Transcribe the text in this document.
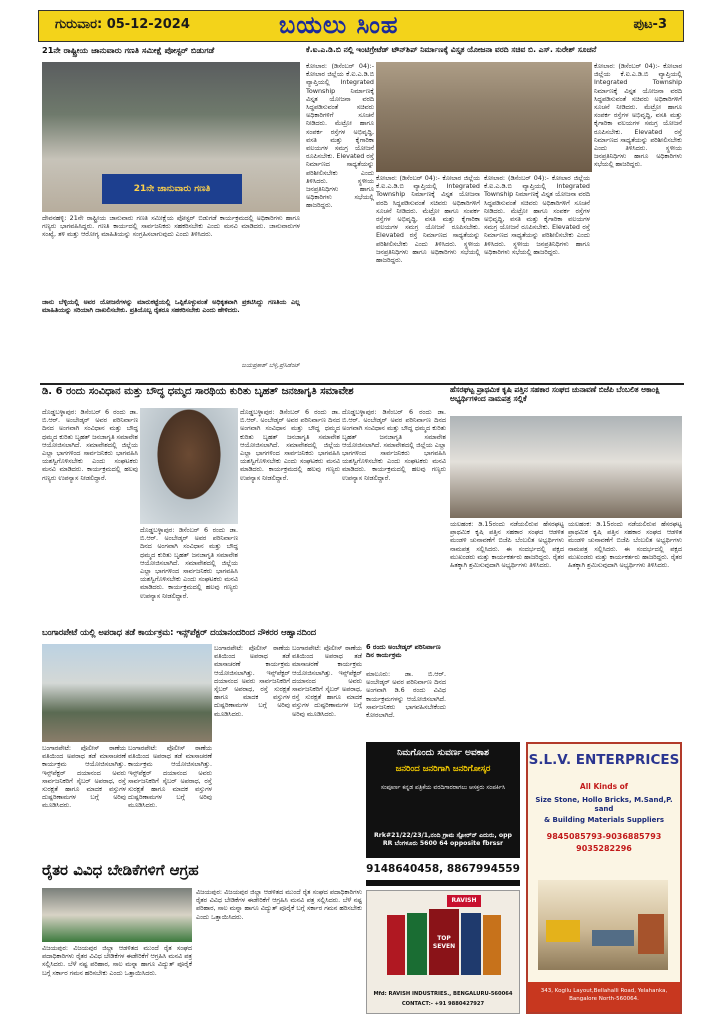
ಗುರುವಾರ: 05-12-2024	ಬಯಲು ಸಿಂಹ	ಪುಟ-3
21ನೇ ರಾಷ್ಟ್ರೀಯ ಜಾನುವಾರು ಗಣತಿ ಸಮೀಕ್ಷೆ ಪೋಸ್ಟರ್ ಬಿಡುಗಡೆ
21ನೇ ಜಾನುವಾರು ಗಣತಿ
ದೇವನಹಳ್ಳಿ: 21ನೇ ರಾಷ್ಟ್ರೀಯ ಜಾನುವಾರು ಗಣತಿ ಸಮೀಕ್ಷೆಯ ಪೋಸ್ಟರ್ ಬಿಡುಗಡೆ ಕಾರ್ಯಕ್ರಮದಲ್ಲಿ ಅಧಿಕಾರಿಗಳು ಹಾಗೂ ಗಣ್ಯರು ಭಾಗವಹಿಸಿದ್ದರು. ಗಣತಿ ಕಾರ್ಯದಲ್ಲಿ ಸಾರ್ವಜನಿಕರು ಸಹಕರಿಸಬೇಕು ಎಂದು ಮನವಿ ಮಾಡಿದರು. ಜಾನುವಾರುಗಳ ಸಂಖ್ಯೆ, ತಳಿ ಮತ್ತು ಆರೋಗ್ಯ ಮಾಹಿತಿಯನ್ನು ಸಂಗ್ರಹಿಸಲಾಗುವುದು ಎಂದು ತಿಳಿಸಿದರು.
ಜಾನು ಬೆಳ್ಳಿಯಲ್ಲಿ ಅವರ ಯೋಜನೆಗಳನ್ನು ಮಾರುಕಟ್ಟೆಯಲ್ಲಿ ಒಪ್ಪಿಕೊಳ್ಳುವಂತೆ ಅಧಿಕೃತವಾಗಿ ಪ್ರಕಟಿಸಿದ್ದು ಗಣತಿಯ ಎಲ್ಲ ಮಾಹಿತಿಯನ್ನು ಸರಿಯಾಗಿ ದಾಖಲಿಸಬೇಕು. ಪ್ರತಿಯೊಬ್ಬ ರೈತರೂ ಸಹಕರಿಸಬೇಕು ಎಂದು ಹೇಳಿದರು.
ಜಯಪ್ರಕಾಶ್ ಬೆಳ್ಳಿ,ಪ್ರೆಸಿಡೆಂಟ್
ಕೆ.ಐ.ಎ.ಡಿ.ಬಿ ನಲ್ಲಿ ಇಂಟಿಗ್ರೇಟೆಡ್ ಟೌನ್‌ಶಿಪ್ ನಿರ್ಮಾಣಕ್ಕೆ ವಿಸ್ತೃತ ಯೋಜನಾ ವರದಿ ಸಚಿವ ಬಿ. ಎಸ್. ಸುರೇಶ್ ಸೂಚನೆ
ಕೋಲಾರ: (ಡಿಸೆಂಬರ್ 04):- ಕೋಲಾರ ಜಿಲ್ಲೆಯ ಕೆ.ಐ.ಎ.ಡಿ.ಬಿ ವ್ಯಾಪ್ತಿಯಲ್ಲಿ Integrated Township ನಿರ್ಮಾಣಕ್ಕೆ ವಿಸ್ತೃತ ಯೋಜನಾ ವರದಿ ಸಿದ್ಧಪಡಿಸುವಂತೆ ಸಚಿವರು ಅಧಿಕಾರಿಗಳಿಗೆ ಸೂಚನೆ ನೀಡಿದರು. ಮೆಟ್ರೋ ಹಾಗೂ ಸಂಪರ್ಕ ರಸ್ತೆಗಳ ಅಭಿವೃದ್ಧಿ, ವಸತಿ ಮತ್ತು ಕೈಗಾರಿಕಾ ವಲಯಗಳ ಸಮಗ್ರ ಯೋಜನೆ ರೂಪಿಸಬೇಕು. Elevated ರಸ್ತೆ ನಿರ್ಮಾಣದ ಸಾಧ್ಯತೆಯನ್ನು ಪರಿಶೀಲಿಸಬೇಕು ಎಂದು ತಿಳಿಸಿದರು. ಸ್ಥಳೀಯ ಜನಪ್ರತಿನಿಧಿಗಳು ಹಾಗೂ ಅಧಿಕಾರಿಗಳು ಸಭೆಯಲ್ಲಿ ಹಾಜರಿದ್ದರು.
ಕೋಲಾರ: (ಡಿಸೆಂಬರ್ 04):- ಕೋಲಾರ ಜಿಲ್ಲೆಯ ಕೆ.ಐ.ಎ.ಡಿ.ಬಿ ವ್ಯಾಪ್ತಿಯಲ್ಲಿ Integrated Township ನಿರ್ಮಾಣಕ್ಕೆ ವಿಸ್ತೃತ ಯೋಜನಾ ವರದಿ ಸಿದ್ಧಪಡಿಸುವಂತೆ ಸಚಿವರು ಅಧಿಕಾರಿಗಳಿಗೆ ಸೂಚನೆ ನೀಡಿದರು. ಮೆಟ್ರೋ ಹಾಗೂ ಸಂಪರ್ಕ ರಸ್ತೆಗಳ ಅಭಿವೃದ್ಧಿ, ವಸತಿ ಮತ್ತು ಕೈಗಾರಿಕಾ ವಲಯಗಳ ಸಮಗ್ರ ಯೋಜನೆ ರೂಪಿಸಬೇಕು. Elevated ರಸ್ತೆ ನಿರ್ಮಾಣದ ಸಾಧ್ಯತೆಯನ್ನು ಪರಿಶೀಲಿಸಬೇಕು ಎಂದು ತಿಳಿಸಿದರು. ಸ್ಥಳೀಯ ಜನಪ್ರತಿನಿಧಿಗಳು ಹಾಗೂ ಅಧಿಕಾರಿಗಳು ಸಭೆಯಲ್ಲಿ ಹಾಜರಿದ್ದರು.
ಕೋಲಾರ: (ಡಿಸೆಂಬರ್ 04):- ಕೋಲಾರ ಜಿಲ್ಲೆಯ ಕೆ.ಐ.ಎ.ಡಿ.ಬಿ ವ್ಯಾಪ್ತಿಯಲ್ಲಿ Integrated Township ನಿರ್ಮಾಣಕ್ಕೆ ವಿಸ್ತೃತ ಯೋಜನಾ ವರದಿ ಸಿದ್ಧಪಡಿಸುವಂತೆ ಸಚಿವರು ಅಧಿಕಾರಿಗಳಿಗೆ ಸೂಚನೆ ನೀಡಿದರು. ಮೆಟ್ರೋ ಹಾಗೂ ಸಂಪರ್ಕ ರಸ್ತೆಗಳ ಅಭಿವೃದ್ಧಿ, ವಸತಿ ಮತ್ತು ಕೈಗಾರಿಕಾ ವಲಯಗಳ ಸಮಗ್ರ ಯೋಜನೆ ರೂಪಿಸಬೇಕು. Elevated ರಸ್ತೆ ನಿರ್ಮಾಣದ ಸಾಧ್ಯತೆಯನ್ನು ಪರಿಶೀಲಿಸಬೇಕು ಎಂದು ತಿಳಿಸಿದರು. ಸ್ಥಳೀಯ ಜನಪ್ರತಿನಿಧಿಗಳು ಹಾಗೂ ಅಧಿಕಾರಿಗಳು ಸಭೆಯಲ್ಲಿ ಹಾಜರಿದ್ದರು.
ಕೋಲಾರ: (ಡಿಸೆಂಬರ್ 04):- ಕೋಲಾರ ಜಿಲ್ಲೆಯ ಕೆ.ಐ.ಎ.ಡಿ.ಬಿ ವ್ಯಾಪ್ತಿಯಲ್ಲಿ Integrated Township ನಿರ್ಮಾಣಕ್ಕೆ ವಿಸ್ತೃತ ಯೋಜನಾ ವರದಿ ಸಿದ್ಧಪಡಿಸುವಂತೆ ಸಚಿವರು ಅಧಿಕಾರಿಗಳಿಗೆ ಸೂಚನೆ ನೀಡಿದರು. ಮೆಟ್ರೋ ಹಾಗೂ ಸಂಪರ್ಕ ರಸ್ತೆಗಳ ಅಭಿವೃದ್ಧಿ, ವಸತಿ ಮತ್ತು ಕೈಗಾರಿಕಾ ವಲಯಗಳ ಸಮಗ್ರ ಯೋಜನೆ ರೂಪಿಸಬೇಕು. Elevated ರಸ್ತೆ ನಿರ್ಮಾಣದ ಸಾಧ್ಯತೆಯನ್ನು ಪರಿಶೀಲಿಸಬೇಕು ಎಂದು ತಿಳಿಸಿದರು. ಸ್ಥಳೀಯ ಜನಪ್ರತಿನಿಧಿಗಳು ಹಾಗೂ ಅಧಿಕಾರಿಗಳು ಸಭೆಯಲ್ಲಿ ಹಾಜರಿದ್ದರು.
ಡಿ. 6 ರಂದು ಸಂವಿಧಾನ ಮತ್ತು ಬೌದ್ಧ ಧಮ್ಮದ ಸಾರಥಿಯ ಕುರಿತು ಬೃಹತ್ ಜನಜಾಗೃತಿ ಸಮಾವೇಶ
ದೊಡ್ಡಬಳ್ಳಾಪುರ: ಡಿಸೆಂಬರ್ 6 ರಂದು ಡಾ. ಬಿ.ಆರ್. ಅಂಬೇಡ್ಕರ್ ಅವರ ಪರಿನಿರ್ವಾಣ ದಿನದ ಅಂಗವಾಗಿ ಸಂವಿಧಾನ ಮತ್ತು ಬೌದ್ಧ ಧಮ್ಮದ ಕುರಿತು ಬೃಹತ್ ಜನಜಾಗೃತಿ ಸಮಾವೇಶ ಆಯೋಜಿಸಲಾಗಿದೆ. ಸಮಾವೇಶದಲ್ಲಿ ಜಿಲ್ಲೆಯ ಎಲ್ಲಾ ಭಾಗಗಳಿಂದ ಸಾರ್ವಜನಿಕರು ಭಾಗವಹಿಸಿ ಯಶಸ್ವಿಗೊಳಿಸಬೇಕು ಎಂದು ಸಂಘಟಕರು ಮನವಿ ಮಾಡಿದರು. ಕಾರ್ಯಕ್ರಮದಲ್ಲಿ ಹಲವು ಗಣ್ಯರು ಉಪನ್ಯಾಸ ನೀಡಲಿದ್ದಾರೆ.
ದೊಡ್ಡಬಳ್ಳಾಪುರ: ಡಿಸೆಂಬರ್ 6 ರಂದು ಡಾ. ಬಿ.ಆರ್. ಅಂಬೇಡ್ಕರ್ ಅವರ ಪರಿನಿರ್ವಾಣ ದಿನದ ಅಂಗವಾಗಿ ಸಂವಿಧಾನ ಮತ್ತು ಬೌದ್ಧ ಧಮ್ಮದ ಕುರಿತು ಬೃಹತ್ ಜನಜಾಗೃತಿ ಸಮಾವೇಶ ಆಯೋಜಿಸಲಾಗಿದೆ. ಸಮಾವೇಶದಲ್ಲಿ ಜಿಲ್ಲೆಯ ಎಲ್ಲಾ ಭಾಗಗಳಿಂದ ಸಾರ್ವಜನಿಕರು ಭಾಗವಹಿಸಿ ಯಶಸ್ವಿಗೊಳಿಸಬೇಕು ಎಂದು ಸಂಘಟಕರು ಮನವಿ ಮಾಡಿದರು. ಕಾರ್ಯಕ್ರಮದಲ್ಲಿ ಹಲವು ಗಣ್ಯರು ಉಪನ್ಯಾಸ ನೀಡಲಿದ್ದಾರೆ.
ದೊಡ್ಡಬಳ್ಳಾಪುರ: ಡಿಸೆಂಬರ್ 6 ರಂದು ಡಾ. ಬಿ.ಆರ್. ಅಂಬೇಡ್ಕರ್ ಅವರ ಪರಿನಿರ್ವಾಣ ದಿನದ ಅಂಗವಾಗಿ ಸಂವಿಧಾನ ಮತ್ತು ಬೌದ್ಧ ಧಮ್ಮದ ಕುರಿತು ಬೃಹತ್ ಜನಜಾಗೃತಿ ಸಮಾವೇಶ ಆಯೋಜಿಸಲಾಗಿದೆ. ಸಮಾವೇಶದಲ್ಲಿ ಜಿಲ್ಲೆಯ ಎಲ್ಲಾ ಭಾಗಗಳಿಂದ ಸಾರ್ವಜನಿಕರು ಭಾಗವಹಿಸಿ ಯಶಸ್ವಿಗೊಳಿಸಬೇಕು ಎಂದು ಸಂಘಟಕರು ಮನವಿ ಮಾಡಿದರು. ಕಾರ್ಯಕ್ರಮದಲ್ಲಿ ಹಲವು ಗಣ್ಯರು ಉಪನ್ಯಾಸ ನೀಡಲಿದ್ದಾರೆ.
ದೊಡ್ಡಬಳ್ಳಾಪುರ: ಡಿಸೆಂಬರ್ 6 ರಂದು ಡಾ. ಬಿ.ಆರ್. ಅಂಬೇಡ್ಕರ್ ಅವರ ಪರಿನಿರ್ವಾಣ ದಿನದ ಅಂಗವಾಗಿ ಸಂವಿಧಾನ ಮತ್ತು ಬೌದ್ಧ ಧಮ್ಮದ ಕುರಿತು ಬೃಹತ್ ಜನಜಾಗೃತಿ ಸಮಾವೇಶ ಆಯೋಜಿಸಲಾಗಿದೆ. ಸಮಾವೇಶದಲ್ಲಿ ಜಿಲ್ಲೆಯ ಎಲ್ಲಾ ಭಾಗಗಳಿಂದ ಸಾರ್ವಜನಿಕರು ಭಾಗವಹಿಸಿ ಯಶಸ್ವಿಗೊಳಿಸಬೇಕು ಎಂದು ಸಂಘಟಕರು ಮನವಿ ಮಾಡಿದರು. ಕಾರ್ಯಕ್ರಮದಲ್ಲಿ ಹಲವು ಗಣ್ಯರು ಉಪನ್ಯಾಸ ನೀಡಲಿದ್ದಾರೆ.
ಹೆಸರಘಟ್ಟ ಪ್ರಾಥಮಿಕ ಕೃಷಿ ಪತ್ತಿನ ಸಹಕಾರ ಸಂಘದ ಚುನಾವಣೆ ಬಿಜೆಪಿ ಬೆಂಬಲಿತ ಆಕಾಂಕ್ಷಿ ಅಭ್ಯರ್ಥಿಗಳಿಂದ ನಾಮಪತ್ರ ಸಲ್ಲಿಕೆ
ಯಲಹಂಕ: ಡಿ.15ರಂದು ನಡೆಯಲಿರುವ ಹೆಸರಘಟ್ಟ ಪ್ರಾಥಮಿಕ ಕೃಷಿ ಪತ್ತಿನ ಸಹಕಾರ ಸಂಘದ ಆಡಳಿತ ಮಂಡಳಿ ಚುನಾವಣೆಗೆ ಬಿಜೆಪಿ ಬೆಂಬಲಿತ ಅಭ್ಯರ್ಥಿಗಳು ನಾಮಪತ್ರ ಸಲ್ಲಿಸಿದರು. ಈ ಸಂದರ್ಭದಲ್ಲಿ ಪಕ್ಷದ ಮುಖಂಡರು ಮತ್ತು ಕಾರ್ಯಕರ್ತರು ಹಾಜರಿದ್ದರು. ರೈತರ ಹಿತಕ್ಕಾಗಿ ಶ್ರಮಿಸುವುದಾಗಿ ಅಭ್ಯರ್ಥಿಗಳು ತಿಳಿಸಿದರು.
ಯಲಹಂಕ: ಡಿ.15ರಂದು ನಡೆಯಲಿರುವ ಹೆಸರಘಟ್ಟ ಪ್ರಾಥಮಿಕ ಕೃಷಿ ಪತ್ತಿನ ಸಹಕಾರ ಸಂಘದ ಆಡಳಿತ ಮಂಡಳಿ ಚುನಾವಣೆಗೆ ಬಿಜೆಪಿ ಬೆಂಬಲಿತ ಅಭ್ಯರ್ಥಿಗಳು ನಾಮಪತ್ರ ಸಲ್ಲಿಸಿದರು. ಈ ಸಂದರ್ಭದಲ್ಲಿ ಪಕ್ಷದ ಮುಖಂಡರು ಮತ್ತು ಕಾರ್ಯಕರ್ತರು ಹಾಜರಿದ್ದರು. ರೈತರ ಹಿತಕ್ಕಾಗಿ ಶ್ರಮಿಸುವುದಾಗಿ ಅಭ್ಯರ್ಥಿಗಳು ತಿಳಿಸಿದರು.
ಬಂಗಾರಪೇಟೆ ಯಲ್ಲಿ ಅಪರಾಧ ತಡೆ ಕಾರ್ಯಕ್ರಮ: ಇನ್ಸ್‌ಪೆಕ್ಟರ್ ದಯಾನಂದರಿಂದ ನೌಕರರ ಆಹ್ವಾನದಿಂದ
ಬಂಗಾರಪೇಟೆ: ಪೊಲೀಸ್ ಠಾಣೆಯ ವತಿಯಿಂದ ಅಪರಾಧ ತಡೆ ಮಾಸಾಚರಣೆ ಕಾರ್ಯಕ್ರಮ ಆಯೋಜಿಸಲಾಗಿತ್ತು. ಇನ್ಸ್‌ಪೆಕ್ಟರ್ ದಯಾನಂದ ಅವರು ಸಾರ್ವಜನಿಕರಿಗೆ ಸೈಬರ್ ಅಪರಾಧ, ರಸ್ತೆ ಸುರಕ್ಷತೆ ಹಾಗೂ ಮಾದಕ ವಸ್ತುಗಳ ದುಷ್ಪರಿಣಾಮಗಳ ಬಗ್ಗೆ ಅರಿವು ಮೂಡಿಸಿದರು.
ಬಂಗಾರಪೇಟೆ: ಪೊಲೀಸ್ ಠಾಣೆಯ ವತಿಯಿಂದ ಅಪರಾಧ ತಡೆ ಮಾಸಾಚರಣೆ ಕಾರ್ಯಕ್ರಮ ಆಯೋಜಿಸಲಾಗಿತ್ತು. ಇನ್ಸ್‌ಪೆಕ್ಟರ್ ದಯಾನಂದ ಅವರು ಸಾರ್ವಜನಿಕರಿಗೆ ಸೈಬರ್ ಅಪರಾಧ, ರಸ್ತೆ ಸುರಕ್ಷತೆ ಹಾಗೂ ಮಾದಕ ವಸ್ತುಗಳ ದುಷ್ಪರಿಣಾಮಗಳ ಬಗ್ಗೆ ಅರಿವು ಮೂಡಿಸಿದರು.
ಬಂಗಾರಪೇಟೆ: ಪೊಲೀಸ್ ಠಾಣೆಯ ವತಿಯಿಂದ ಅಪರಾಧ ತಡೆ ಮಾಸಾಚರಣೆ ಕಾರ್ಯಕ್ರಮ ಆಯೋಜಿಸಲಾಗಿತ್ತು. ಇನ್ಸ್‌ಪೆಕ್ಟರ್ ದಯಾನಂದ ಅವರು ಸಾರ್ವಜನಿಕರಿಗೆ ಸೈಬರ್ ಅಪರಾಧ, ರಸ್ತೆ ಸುರಕ್ಷತೆ ಹಾಗೂ ಮಾದಕ ವಸ್ತುಗಳ ದುಷ್ಪರಿಣಾಮಗಳ ಬಗ್ಗೆ ಅರಿವು ಮೂಡಿಸಿದರು.
ಬಂಗಾರಪೇಟೆ: ಪೊಲೀಸ್ ಠಾಣೆಯ ವತಿಯಿಂದ ಅಪರಾಧ ತಡೆ ಮಾಸಾಚರಣೆ ಕಾರ್ಯಕ್ರಮ ಆಯೋಜಿಸಲಾಗಿತ್ತು. ಇನ್ಸ್‌ಪೆಕ್ಟರ್ ದಯಾನಂದ ಅವರು ಸಾರ್ವಜನಿಕರಿಗೆ ಸೈಬರ್ ಅಪರಾಧ, ರಸ್ತೆ ಸುರಕ್ಷತೆ ಹಾಗೂ ಮಾದಕ ವಸ್ತುಗಳ ದುಷ್ಪರಿಣಾಮಗಳ ಬಗ್ಗೆ ಅರಿವು ಮೂಡಿಸಿದರು.
6 ರಂದು ಅಂಬೇಡ್ಕರ್ ಪರಿನಿರ್ವಾಣ ದಿನ ಕಾರ್ಯಕ್ರಮ
ಮಾಲೂರು: ಡಾ. ಬಿ.ಆರ್. ಅಂಬೇಡ್ಕರ್ ಅವರ ಪರಿನಿರ್ವಾಣ ದಿನದ ಅಂಗವಾಗಿ ಡಿ.6 ರಂದು ವಿವಿಧ ಕಾರ್ಯಕ್ರಮಗಳನ್ನು ಆಯೋಜಿಸಲಾಗಿದೆ. ಸಾರ್ವಜನಿಕರು ಭಾಗವಹಿಸಬೇಕೆಂದು ಕೋರಲಾಗಿದೆ.
ನಿಮಗೊಂದು ಸುವರ್ಣ ಅವಕಾಶ
ಜನರಿಂದ ಜನರಿಗಾಗಿ ಜನರಿಗೋಸ್ಕರ
ಸಂಪೂರ್ಣ ಕನ್ನಡ ಪತ್ರಿಕೆಯ ವರದಿಗಾರರಾಗಲು ಆಸಕ್ತರು ಸಂಪರ್ಕಿಸಿ
Rrk#21/22/23/1,ನಂದಿ ಗ್ರಾಮ ಸ್ಟೋರ್‌ನ್ ಎದುರು, opp RR ಬೆಂಗಳೂರು 5600 64 opposite fbrssr
9148640458, 8867994559
RAVISH
TOP SEVEN
Mfd: RAVISH INDUSTRIES., BENGALURU-560064
CONTACT:- +91 9880427927
S.L.V. ENTERPRICES
All Kinds of
Size Stone, Hollo Bricks, M.Sand,P. sand
& Building Materials Suppliers
9845085793-9036885793
9035282296
343, Kogilu Layout,Bellahalli Road, Yelahanka, Bangalore North-560064.
ರೈತರ ವಿವಿಧ ಬೇಡಿಕೆಗಳಿಗೆ ಆಗ್ರಹ
ವಿಜಯಪುರ: ವಿಜಯಪುರ ಜಿಲ್ಲಾ ಆಡಳಿತದ ಮುಂದೆ ರೈತ ಸಂಘದ ಪದಾಧಿಕಾರಿಗಳು ರೈತರ ವಿವಿಧ ಬೇಡಿಕೆಗಳ ಈಡೇರಿಕೆಗೆ ಆಗ್ರಹಿಸಿ ಮನವಿ ಪತ್ರ ಸಲ್ಲಿಸಿದರು. ಬೆಳೆ ನಷ್ಟ ಪರಿಹಾರ, ಸಾಲ ಮನ್ನಾ ಹಾಗೂ ವಿದ್ಯುತ್ ಪೂರೈಕೆ ಬಗ್ಗೆ ಸರ್ಕಾರ ಗಮನ ಹರಿಸಬೇಕು ಎಂದು ಒತ್ತಾಯಿಸಿದರು.
ವಿಜಯಪುರ: ವಿಜಯಪುರ ಜಿಲ್ಲಾ ಆಡಳಿತದ ಮುಂದೆ ರೈತ ಸಂಘದ ಪದಾಧಿಕಾರಿಗಳು ರೈತರ ವಿವಿಧ ಬೇಡಿಕೆಗಳ ಈಡೇರಿಕೆಗೆ ಆಗ್ರಹಿಸಿ ಮನವಿ ಪತ್ರ ಸಲ್ಲಿಸಿದರು. ಬೆಳೆ ನಷ್ಟ ಪರಿಹಾರ, ಸಾಲ ಮನ್ನಾ ಹಾಗೂ ವಿದ್ಯುತ್ ಪೂರೈಕೆ ಬಗ್ಗೆ ಸರ್ಕಾರ ಗಮನ ಹರಿಸಬೇಕು ಎಂದು ಒತ್ತಾಯಿಸಿದರು.
